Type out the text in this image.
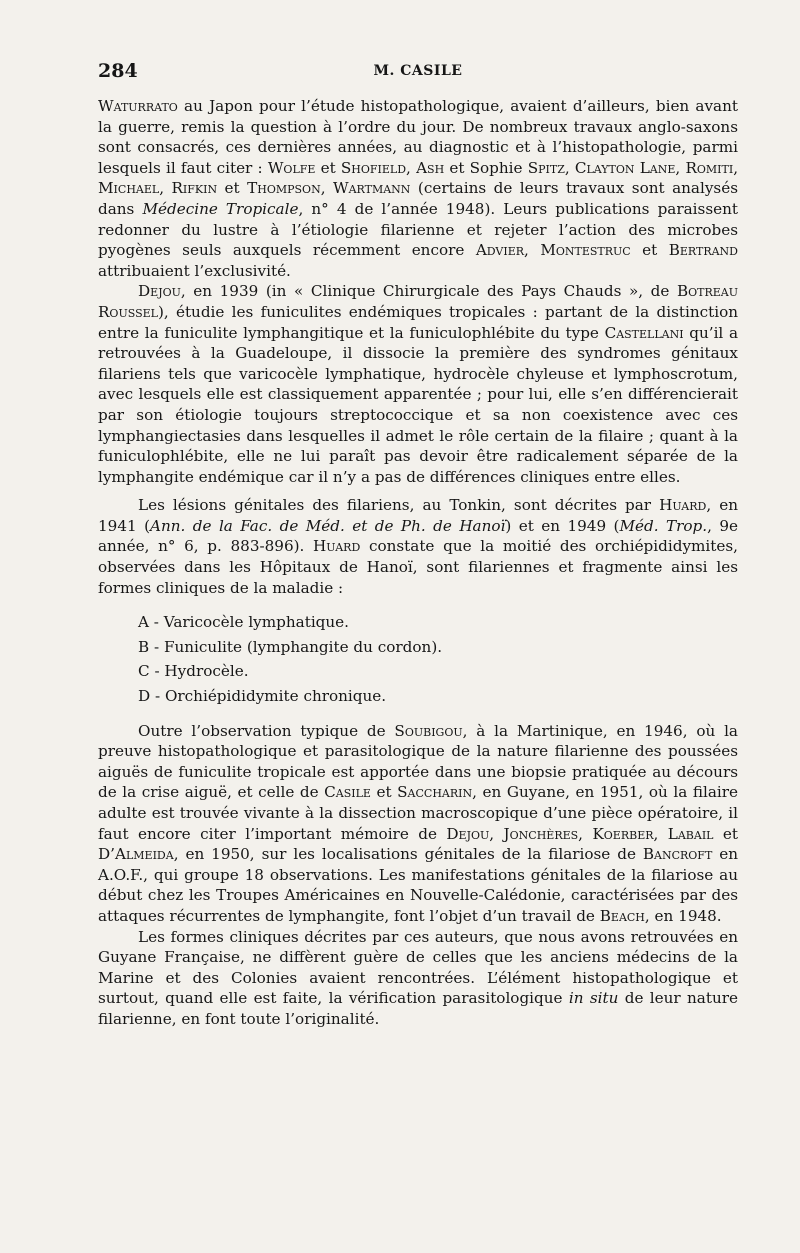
284	M. CASILE

Waturrato au Japon pour l’étude histopathologique, avaient d’ailleurs, bien avant la guerre, remis la question à l’ordre du jour. De nombreux travaux anglo-saxons sont consacrés, ces dernières années, au diagnostic et à l’histopathologie, parmi lesquels il faut citer : Wolfe et Shofield, Ash et Sophie Spitz, Clayton Lane, Romiti, Michael, Rifkin et Thompson, Wartmann (certains de leurs travaux sont analysés dans Médecine Tropicale, n° 4 de l’année 1948). Leurs publications paraissent redonner du lustre à l’étiologie filarienne et rejeter l’action des microbes pyogènes seuls auxquels récemment encore Advier, Montestruc et Bertrand attribuaient l’exclusivité.

Dejou, en 1939 (in « Clinique Chirurgicale des Pays Chauds », de Botreau Roussel), étudie les funiculites endémiques tropicales : partant de la distinction entre la funiculite lymphangitique et la funiculophlébite du type Castellani qu’il a retrouvées à la Guadeloupe, il dissocie la première des syndromes génitaux filariens tels que varicocèle lymphatique, hydrocèle chyleuse et lymphoscrotum, avec lesquels elle est classiquement apparentée ; pour lui, elle s’en différencierait par son étiologie toujours streptococcique et sa non coexistence avec ces lymphangiectasies dans lesquelles il admet le rôle certain de la filaire ; quant à la funiculophlébite, elle ne lui paraît pas devoir être radicalement séparée de la lymphangite endémique car il n’y a pas de différences cliniques entre elles.

Les lésions génitales des filariens, au Tonkin, sont décrites par Huard, en 1941 (Ann. de la Fac. de Méd. et de Ph. de Hanoï) et en 1949 (Méd. Trop., 9e année, n° 6, p. 883-896). Huard constate que la moitié des orchiépididymites, observées dans les Hôpitaux de Hanoï, sont filariennes et fragmente ainsi les formes cliniques de la maladie :

A - Varicocèle lymphatique.
B - Funiculite (lymphangite du cordon).
C - Hydrocèle.
D - Orchiépididymite chronique.

Outre l’observation typique de Soubigou, à la Martinique, en 1946, où la preuve histopathologique et parasitologique de la nature filarienne des poussées aiguës de funiculite tropicale est apportée dans une biopsie pratiquée au décours de la crise aiguë, et celle de Casile et Saccharin, en Guyane, en 1951, où la filaire adulte est trouvée vivante à la dissection macroscopique d’une pièce opératoire, il faut encore citer l’important mémoire de Dejou, Jonchères, Koerber, Labail et D’Almeida, en 1950, sur les localisations génitales de la filariose de Bancroft en A.O.F., qui groupe 18 observations. Les manifestations génitales de la filariose au début chez les Troupes Américaines en Nouvelle-Calédonie, caractérisées par des attaques récurrentes de lymphangite, font l’objet d’un travail de Beach, en 1948.

Les formes cliniques décrites par ces auteurs, que nous avons retrouvées en Guyane Française, ne diffèrent guère de celles que les anciens médecins de la Marine et des Colonies avaient rencontrées. L’élément histopathologique et surtout, quand elle est faite, la vérification parasitologique in situ de leur nature filarienne, en font toute l’originalité.
